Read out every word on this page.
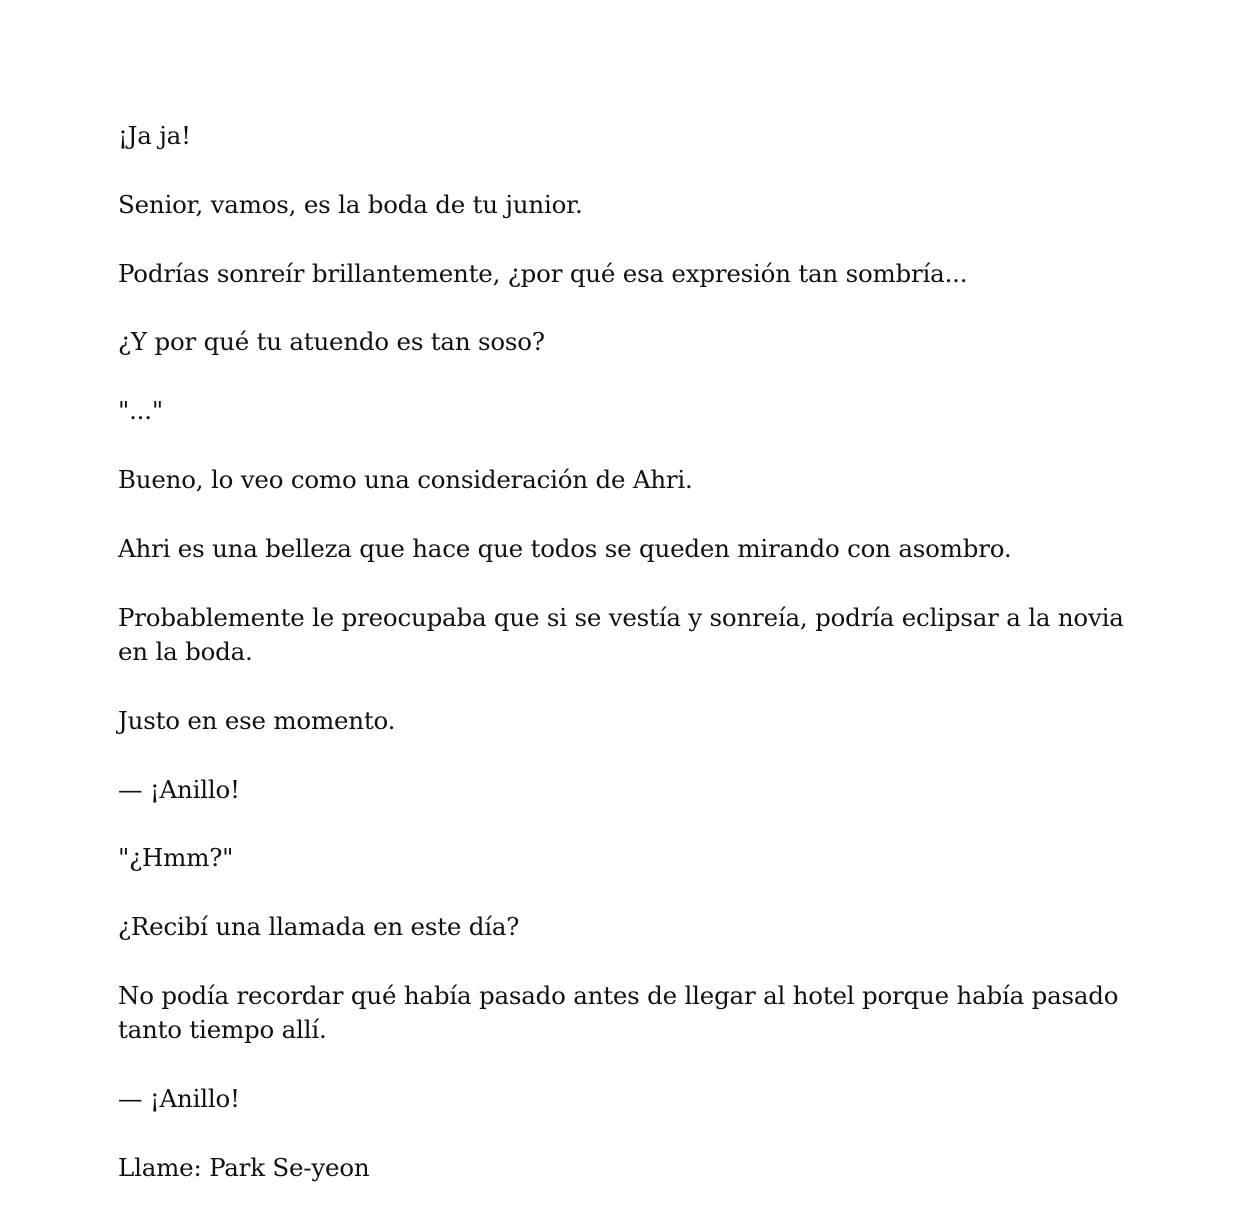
¡Ja ja!

Senior, vamos, es la boda de tu junior.

Podrías sonreír brillantemente, ¿por qué esa expresión tan sombría...

¿Y por qué tu atuendo es tan soso?

"..."

Bueno, lo veo como una consideración de Ahri.

Ahri es una belleza que hace que todos se queden mirando con asombro.

Probablemente le preocupaba que si se vestía y sonreía, podría eclipsar a la novia en la boda.

Justo en ese momento.

— ¡Anillo!

"¿Hmm?"

¿Recibí una llamada en este día?

No podía recordar qué había pasado antes de llegar al hotel porque había pasado tanto tiempo allí.

— ¡Anillo!

Llame: Park Se-yeon
